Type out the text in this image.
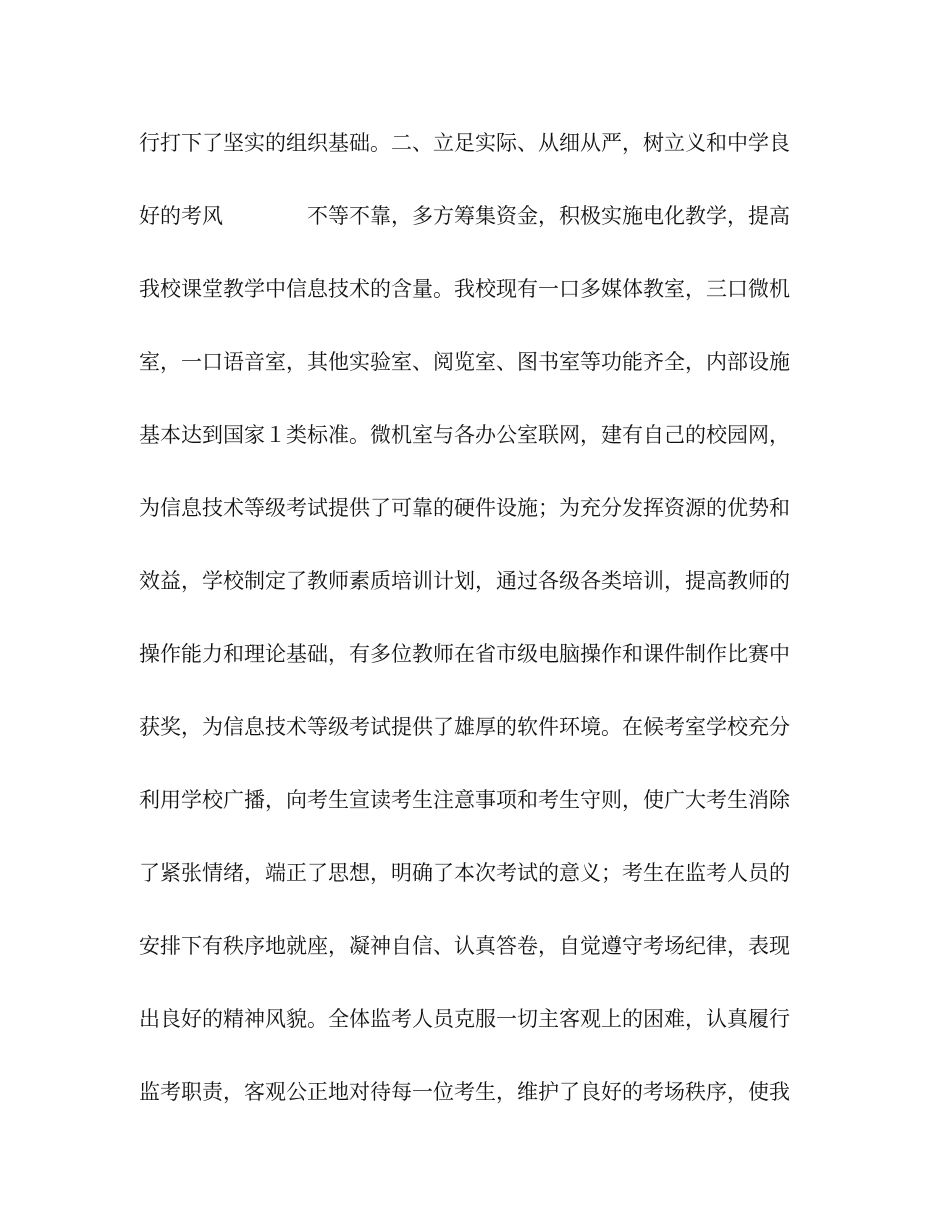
行打下了坚实的组织基础。二、立足实际、从细从严，树立义和中学良
好的考风	不等不靠，多方筹集资金，积极实施电化教学，提高
我校课堂教学中信息技术的含量。我校现有一口多媒体教室，三口微机
室，一口语音室，其他实验室、阅览室、图书室等功能齐全，内部设施
基本达到国家１类标准。微机室与各办公室联网，建有自己的校园网，
为信息技术等级考试提供了可靠的硬件设施；为充分发挥资源的优势和
效益，学校制定了教师素质培训计划，通过各级各类培训，提高教师的
操作能力和理论基础，有多位教师在省市级电脑操作和课件制作比赛中
获奖，为信息技术等级考试提供了雄厚的软件环境。在候考室学校充分
利用学校广播，向考生宣读考生注意事项和考生守则，使广大考生消除
了紧张情绪，端正了思想，明确了本次考试的意义；考生在监考人员的
安排下有秩序地就座，凝神自信、认真答卷，自觉遵守考场纪律，表现
出良好的精神风貌。全体监考人员克服一切主客观上的困难，认真履行
监考职责，客观公正地对待每一位考生，维护了良好的考场秩序，使我
